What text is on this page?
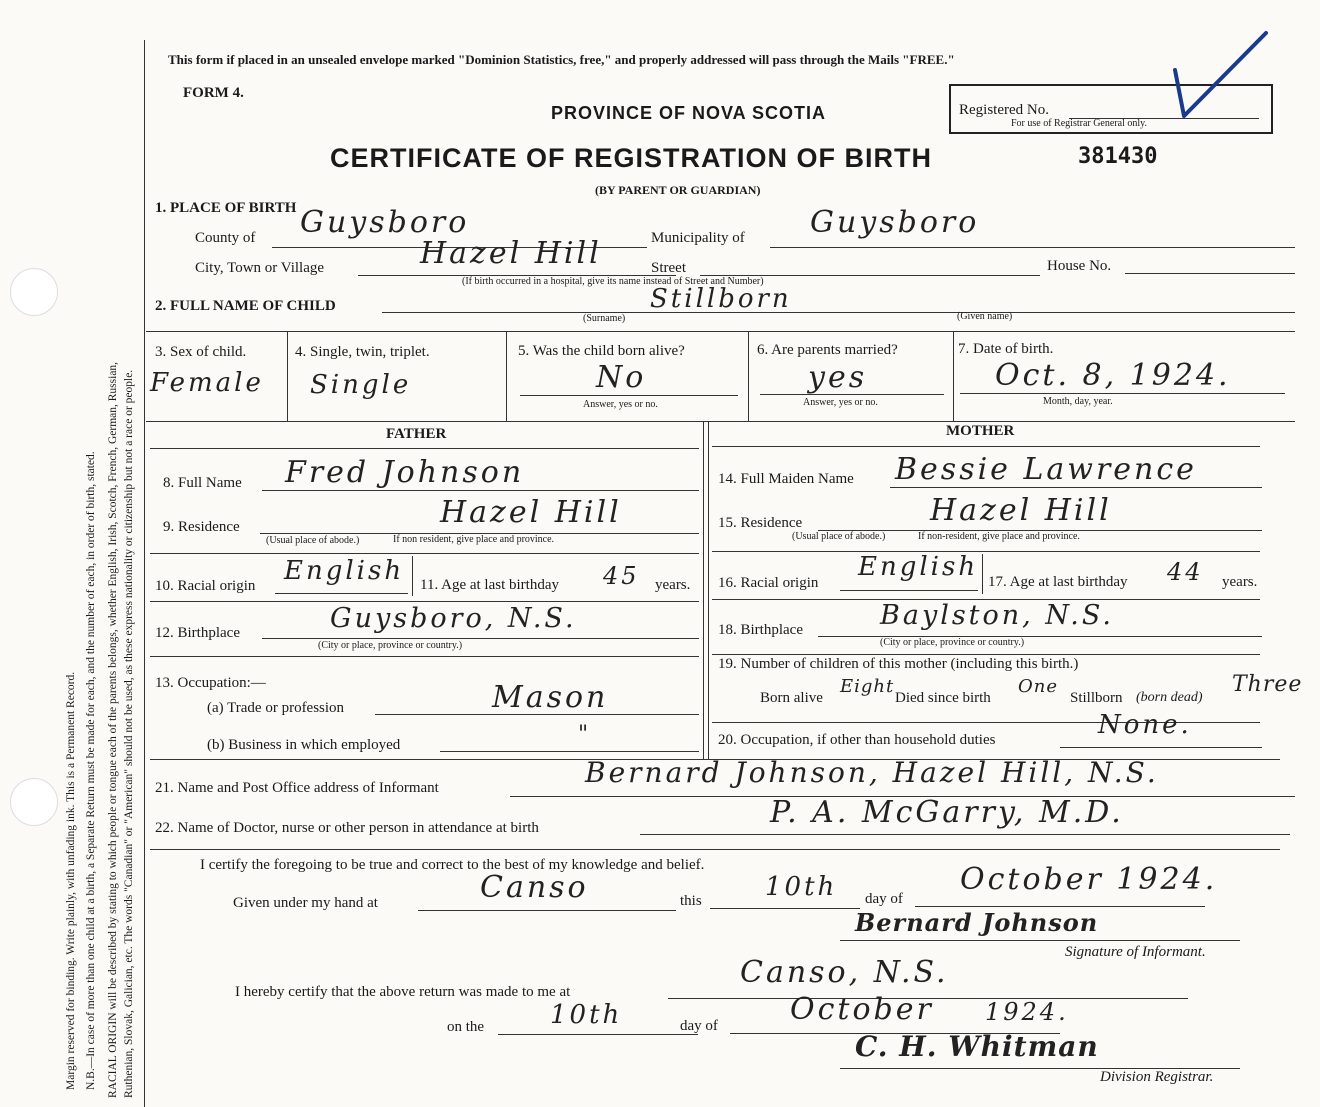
Margin reserved for binding. Write plainly, with unfading ink. This is a Permanent Record. N.B.—In case of more than one child at a birth, a Separate Return must be made for each, and the number of each, in order of birth, stated. RACIAL ORIGIN will be described by stating to which people or tongue each of the parents belongs, whether English, Irish, Scotch, French, German, Russian, Ruthenian, Slovak, Galician, etc. The words "Canadian" or "American" should not be used, as these express nationality or citizenship but not a race or people.
This form if placed in an unsealed envelope marked "Dominion Statistics, free," and properly addressed will pass through the Mails "FREE."
FORM 4.
PROVINCE OF NOVA SCOTIA	Registered No.
For use of Registrar General only.
CERTIFICATE OF REGISTRATION OF BIRTH	381430
(BY PARENT OR GUARDIAN)
1. PLACE OF BIRTH
County of Guysboro	Municipality of Guysboro
City, Town or Village	Hazel Hill	Street
(If birth occurred in a hospital, give its name instead of Street and Number)
House No.
2. FULL NAME OF CHILD	Stillborn
(Surname)	(Given name)
3. Sex of child.
Female
4. Single, twin, triplet.
Single
5. Was the child born alive?
No
Answer, yes or no.
6. Are parents married?
yes
Answer, yes or no.
7. Date of birth.
Oct. 8, 1924.
Month, day, year.
FATHER	MOTHER
8. Full Name Fred Johnson
9. Residence	Hazel Hill
(Usual place of abode.)	If non resident, give place and province.
10. Racial origin English 11. Age at last birthday 45 years.
12. Birthplace	Guysboro, N.S.
(City or place, province or country.)
13. Occupation:—
(a) Trade or profession	Mason
(b) Business in which employed	"
14. Full Maiden Name Bessie Lawrence
15. Residence	Hazel Hill
(Usual place of abode.)	If non-resident, give place and province.
16. Racial origin
English 17. Age at last birthday 44 years.
18. Birthplace	Baylston, N.S.
(City or place, province or country.)
19. Number of children of this mother (including this birth.)
Born alive
Eight
Died since birth
One
Stillborn (born dead)
Three
20. Occupation, if other than household duties	None.
21. Name and Post Office address of Informant	Bernard Johnson, Hazel Hill, N.S.
22. Name of Doctor, nurse or other person in attendance at birth	P. A. McGarry, M.D.
I certify the foregoing to be true and correct to the best of my knowledge and belief.
Given under my hand at	Canso	this 10th day of
October 1924.
Bernard Johnson
Signature of Informant.
I hereby certify that the above return was made to me at
Canso, N.S.
on the	10th	day of October 1924.
C. H. Whitman
Division Registrar.
